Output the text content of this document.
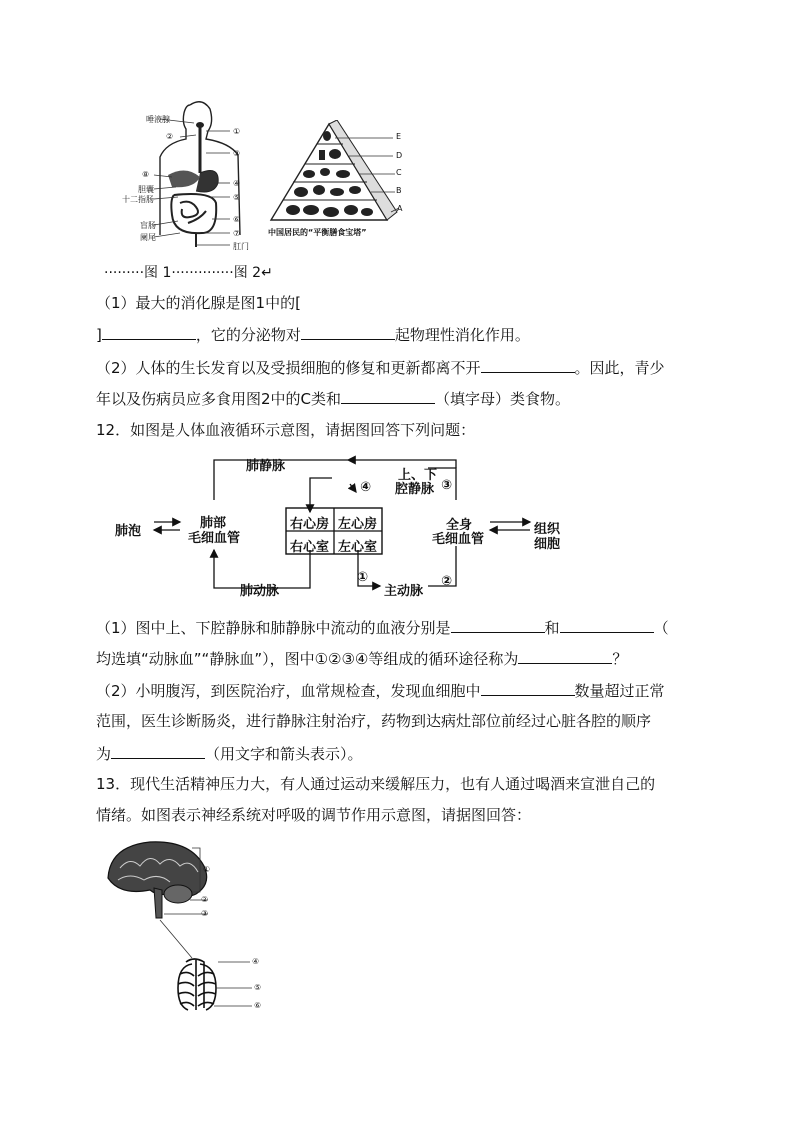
唾液腺
②
⑧
胆囊
十二指肠
盲肠
阑尾
①
③
④
⑤
⑥
⑦
肛门
E
D
C
B
A
中国居民的“平衡膳食宝塔”
·········图 1··············图 2↵
（1）最大的消化腺是图1中的[
]	，它的分泌物对	起物理性消化作用。
（2）人体的生长发育以及受损细胞的修复和更新都离不开	。因此，青少
年以及伤病员应多食用图2中的C类和	（填字母）类食物。
12．如图是人体血液循环示意图，请据图回答下列问题：
肺静脉
上、下
腔静脉
④	③
肺泡
肺部
毛细血管
右心房 左心房
右心室 左心室
全身
毛细血管
组织
细胞
①
肺动脉	主动脉
②
（1）图中上、下腔静脉和肺静脉中流动的血液分别是	和	（
均选填“动脉血”“静脉血”），图中①②③④等组成的循环途径称为	？
（2）小明腹泻，到医院治疗，血常规检查，发现血细胞中	数量超过正常
范围，医生诊断肠炎，进行静脉注射治疗，药物到达病灶部位前经过心脏各腔的顺序
为	（用文字和箭头表示）。
13．现代生活精神压力大，有人通过运动来缓解压力，也有人通过喝酒来宣泄自己的
情绪。如图表示神经系统对呼吸的调节作用示意图，请据图回答：
①
②
③
④
⑤
⑥
